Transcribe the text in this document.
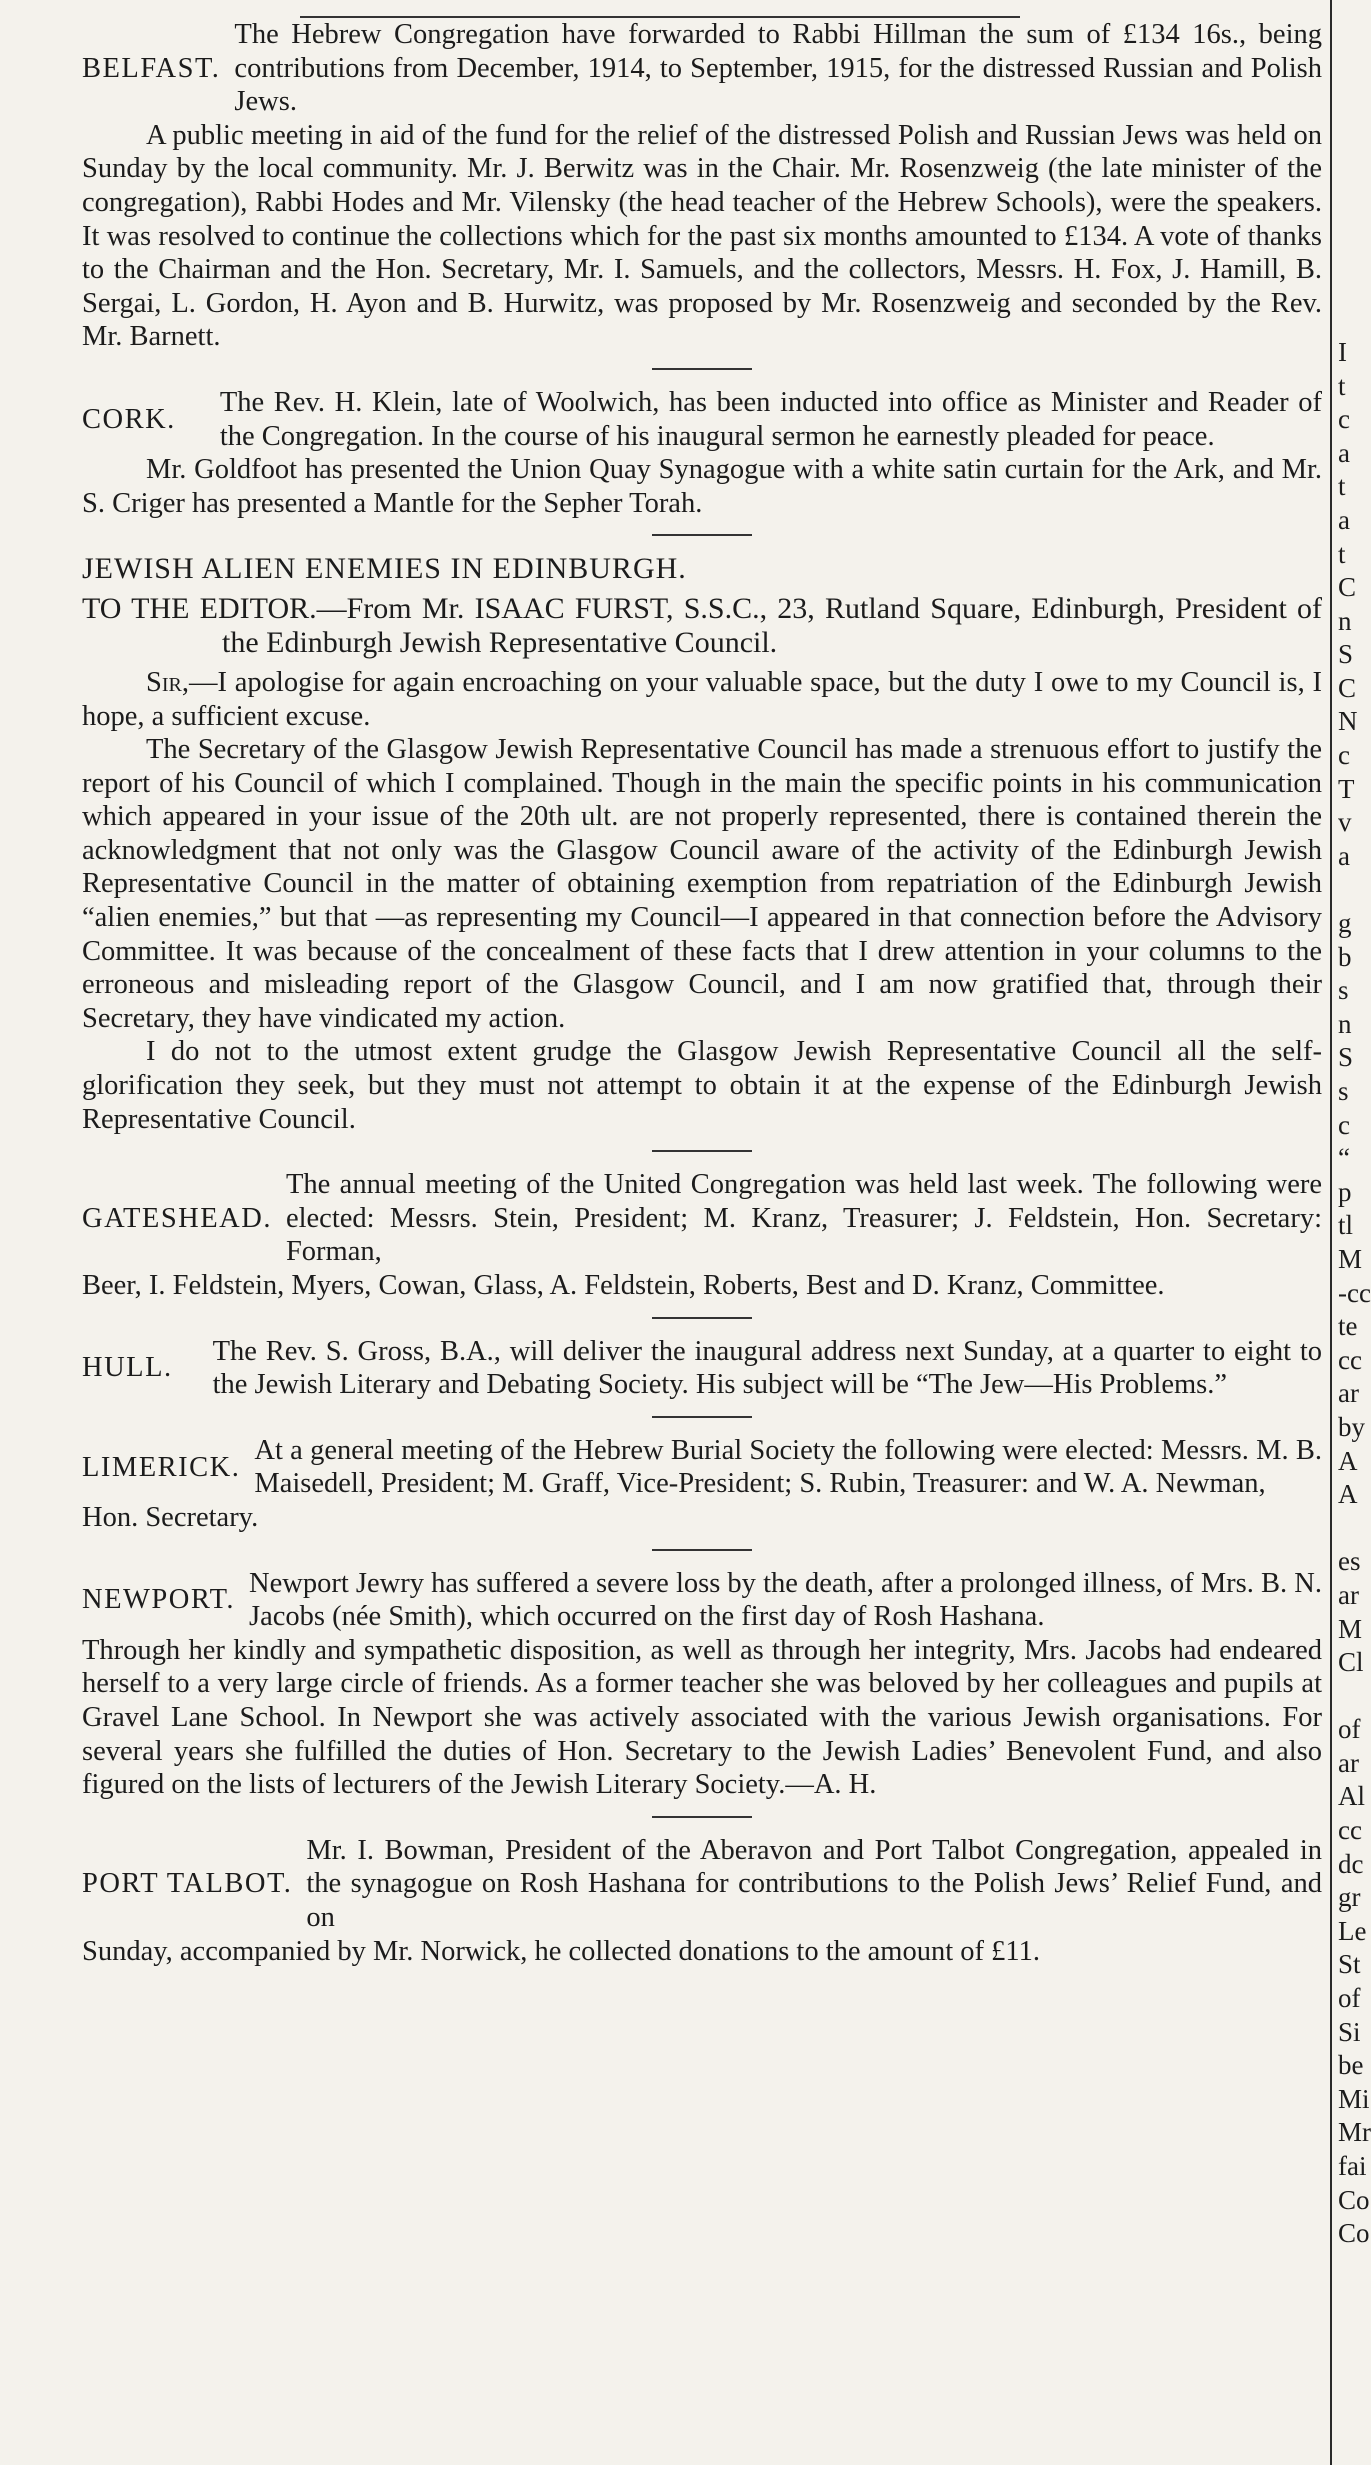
BELFAST.
The Hebrew Congregation have forwarded to Rabbi Hillman the sum of £134 16s., being contributions from December, 1914, to September, 1915, for the distressed Russian and Polish Jews.

A public meeting in aid of the fund for the relief of the distressed Polish and Russian Jews was held on Sunday by the local community. Mr. J. Berwitz was in the Chair. Mr. Rosenzweig (the late minister of the congregation), Rabbi Hodes and Mr. Vilensky (the head teacher of the Hebrew Schools), were the speakers. It was resolved to continue the collections which for the past six months amounted to £134. A vote of thanks to the Chairman and the Hon. Secretary, Mr. I. Samuels, and the collectors, Messrs. H. Fox, J. Hamill, B. Sergai, L. Gordon, H. Ayon and B. Hurwitz, was proposed by Mr. Rosenzweig and seconded by the Rev. Mr. Barnett.

CORK.
The Rev. H. Klein, late of Woolwich, has been inducted into office as Minister and Reader of the Congregation. In the course of his inaugural sermon he earnestly pleaded for peace.

Mr. Goldfoot has presented the Union Quay Synagogue with a white satin curtain for the Ark, and Mr. S. Criger has presented a Mantle for the Sepher Torah.

JEWISH ALIEN ENEMIES IN EDINBURGH.

TO THE EDITOR.—From Mr. ISAAC FURST, S.S.C., 23, Rutland Square, Edinburgh, President of the Edinburgh Jewish Representative Council.

Sir,—I apologise for again encroaching on your valuable space, but the duty I owe to my Council is, I hope, a sufficient excuse.

The Secretary of the Glasgow Jewish Representative Council has made a strenuous effort to justify the report of his Council of which I complained. Though in the main the specific points in his communication which appeared in your issue of the 20th ult. are not properly represented, there is contained therein the acknowledgment that not only was the Glasgow Council aware of the activity of the Edinburgh Jewish Representative Council in the matter of obtaining exemption from repatriation of the Edinburgh Jewish “alien enemies,” but that —as representing my Council—I appeared in that connection before the Advisory Committee. It was because of the concealment of these facts that I drew attention in your columns to the erroneous and misleading report of the Glasgow Council, and I am now gratified that, through their Secretary, they have vindicated my action.

I do not to the utmost extent grudge the Glasgow Jewish Representative Council all the self-glorification they seek, but they must not attempt to obtain it at the expense of the Edinburgh Jewish Representative Council.

GATESHEAD.
The annual meeting of the United Congregation was held last week. The following were elected: Messrs. Stein, President; M. Kranz, Treasurer; J. Feldstein, Hon. Secretary: Forman,

Beer, I. Feldstein, Myers, Cowan, Glass, A. Feldstein, Roberts, Best and D. Kranz, Committee.

HULL.
The Rev. S. Gross, B.A., will deliver the inaugural address next Sunday, at a quarter to eight to the Jewish Literary and Debating Society. His subject will be “The Jew—His Problems.”
LIMERICK.
At a general meeting of the Hebrew Burial Society the following were elected: Messrs. M. B. Maisedell, President; M. Graff, Vice-President; S. Rubin, Treasurer: and W. A. Newman,

Hon. Secretary.

NEWPORT.
Newport Jewry has suffered a severe loss by the death, after a prolonged illness, of Mrs. B. N. Jacobs (née Smith), which occurred on the first day of Rosh Hashana.

Through her kindly and sympathetic disposition, as well as through her integrity, Mrs. Jacobs had endeared herself to a very large circle of friends. As a former teacher she was beloved by her colleagues and pupils at Gravel Lane School. In Newport she was actively associated with the various Jewish organisations. For several years she fulfilled the duties of Hon. Secretary to the Jewish Ladies’ Benevolent Fund, and also figured on the lists of lecturers of the Jewish Literary Society.—A. H.

PORT TALBOT.
Mr. I. Bowman, President of the Aberavon and Port Talbot Congregation, appealed in the synagogue on Rosh Hashana for contributions to the Polish Jews’ Relief Fund, and on

Sunday, accompanied by Mr. Norwick, he collected donations to the amount of £11.

I
t
c
a
t
a
t
C
n
S
C
N
c
T
v
a

g
b
s
n
S
s
c
“
p
tl
M
-cc
te
cc
ar
by
A
A

es
ar
M
Cl

of
ar
Al
cc
dc
gr
Le
St
of
Si
be
Mi
Mr
fai
Co
Co
